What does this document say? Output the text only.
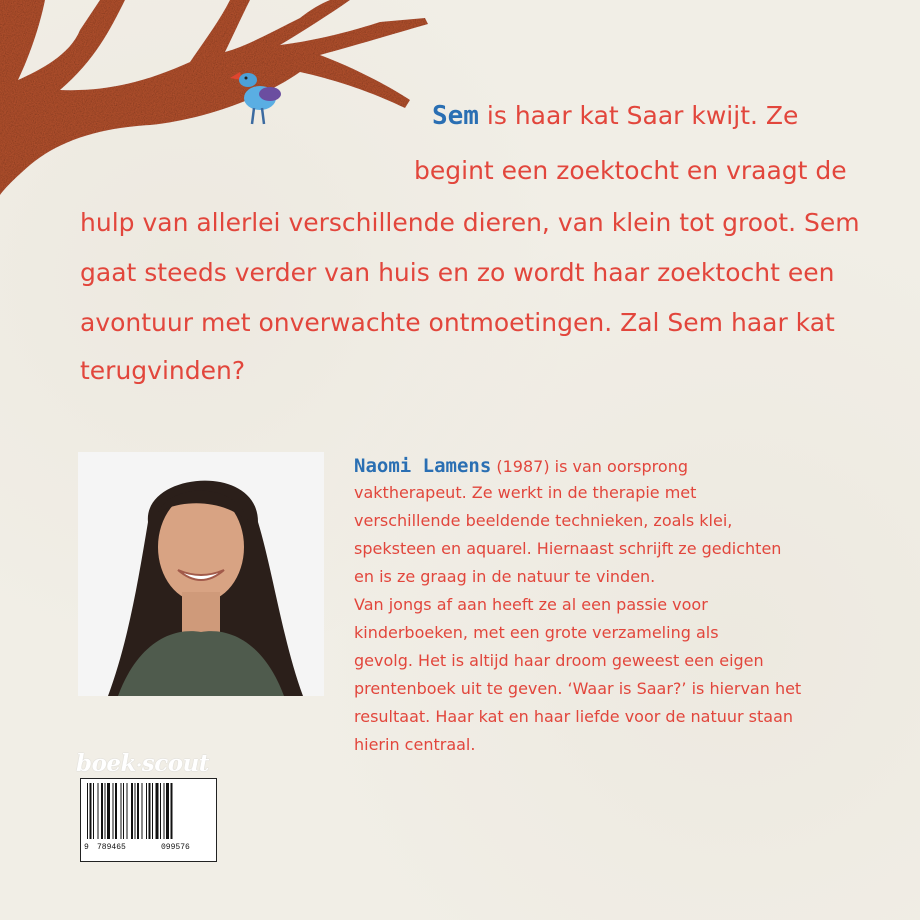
Sem is haar kat Saar kwijt. Ze
begint een zoektocht en vraagt de
hulp van allerlei verschillende dieren, van klein tot groot. Sem
gaat steeds verder van huis en zo wordt haar zoektocht een
avontuur met onverwachte ontmoetingen. Zal Sem haar kat
terugvinden?
Naomi Lamens (1987) is van oorsprong
vaktherapeut. Ze werkt in de therapie met
verschillende beeldende technieken, zoals klei,
speksteen en aquarel. Hiernaast schrijft ze gedichten
en is ze graag in de natuur te vinden.
Van jongs af aan heeft ze al een passie voor
kinderboeken, met een grote verzameling als
gevolg. Het is altijd haar droom geweest een eigen
prentenboek uit te geven. ‘Waar is Saar?’ is hiervan het
resultaat. Haar kat en haar liefde voor de natuur staan
hierin centraal.
boek·scout
9 789465	099576
